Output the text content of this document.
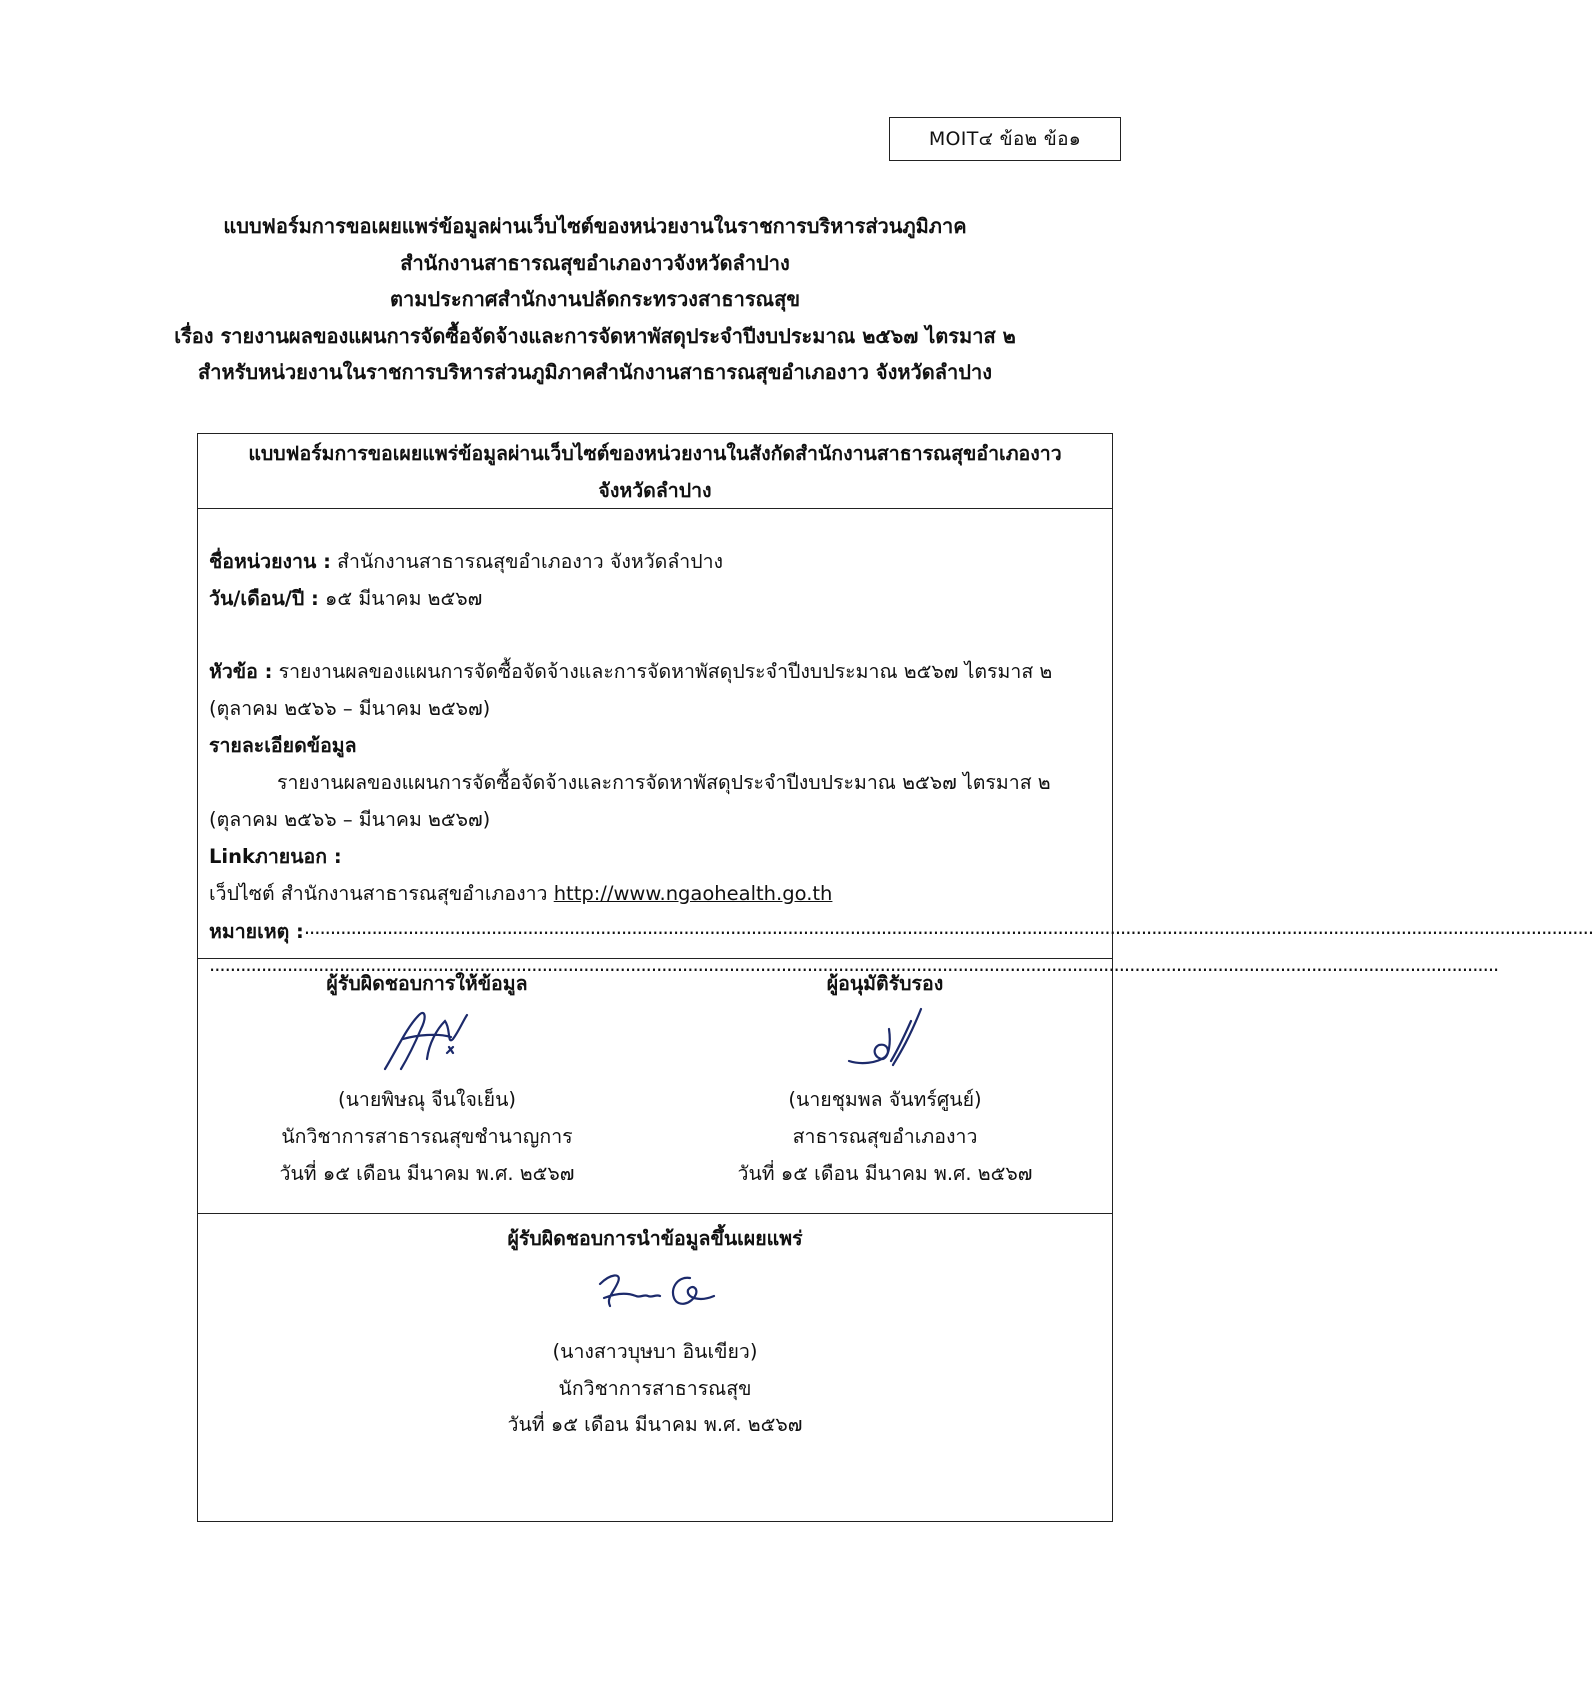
MOIT๔ ข้อ๒ ข้อ๑
แบบฟอร์มการขอเผยแพร่ข้อมูลผ่านเว็บไซต์ของหน่วยงานในราชการบริหารส่วนภูมิภาค
สำนักงานสาธารณสุขอำเภองาวจังหวัดลำปาง
ตามประกาศสำนักงานปลัดกระทรวงสาธารณสุข
เรื่อง รายงานผลของแผนการจัดซื้อจัดจ้างและการจัดหาพัสดุประจำปีงบประมาณ ๒๕๖๗ ไตรมาส ๒
สำหรับหน่วยงานในราชการบริหารส่วนภูมิภาคสำนักงานสาธารณสุขอำเภองาว จังหวัดลำปาง
แบบฟอร์มการขอเผยแพร่ข้อมูลผ่านเว็บไซต์ของหน่วยงานในสังกัดสำนักงานสาธารณสุขอำเภองาว
จังหวัดลำปาง
ชื่อหน่วยงาน : สำนักงานสาธารณสุขอำเภองาว จังหวัดลำปาง
วัน/เดือน/ปี : ๑๕ มีนาคม ๒๕๖๗
หัวข้อ : รายงานผลของแผนการจัดซื้อจัดจ้างและการจัดหาพัสดุประจำปีงบประมาณ ๒๕๖๗ ไตรมาส ๒
(ตุลาคม ๒๕๖๖ – มีนาคม ๒๕๖๗)
รายละเอียดข้อมูล
รายงานผลของแผนการจัดซื้อจัดจ้างและการจัดหาพัสดุประจำปีงบประมาณ ๒๕๖๗ ไตรมาส ๒
(ตุลาคม ๒๕๖๖ – มีนาคม ๒๕๖๗)
Linkภายนอก :
เว็ปไซต์ สำนักงานสาธารณสุขอำเภองาว http://www.ngaohealth.go.th
หมายเหตุ : ........................................................................................................................................................................................................................................................
........................................................................................................................................................................................................................................................
ผู้รับผิดชอบการให้ข้อมูล
(นายพิษณุ จีนใจเย็น)
นักวิชาการสาธารณสุขชำนาญการ
วันที่ ๑๕ เดือน มีนาคม พ.ศ. ๒๕๖๗
ผู้อนุมัติรับรอง
(นายชุมพล จันทร์ศูนย์)
สาธารณสุขอำเภองาว
วันที่ ๑๕ เดือน มีนาคม พ.ศ. ๒๕๖๗
ผู้รับผิดชอบการนำข้อมูลขึ้นเผยแพร่
(นางสาวบุษบา อินเขียว)
นักวิชาการสาธารณสุข
วันที่ ๑๕ เดือน มีนาคม พ.ศ. ๒๕๖๗
